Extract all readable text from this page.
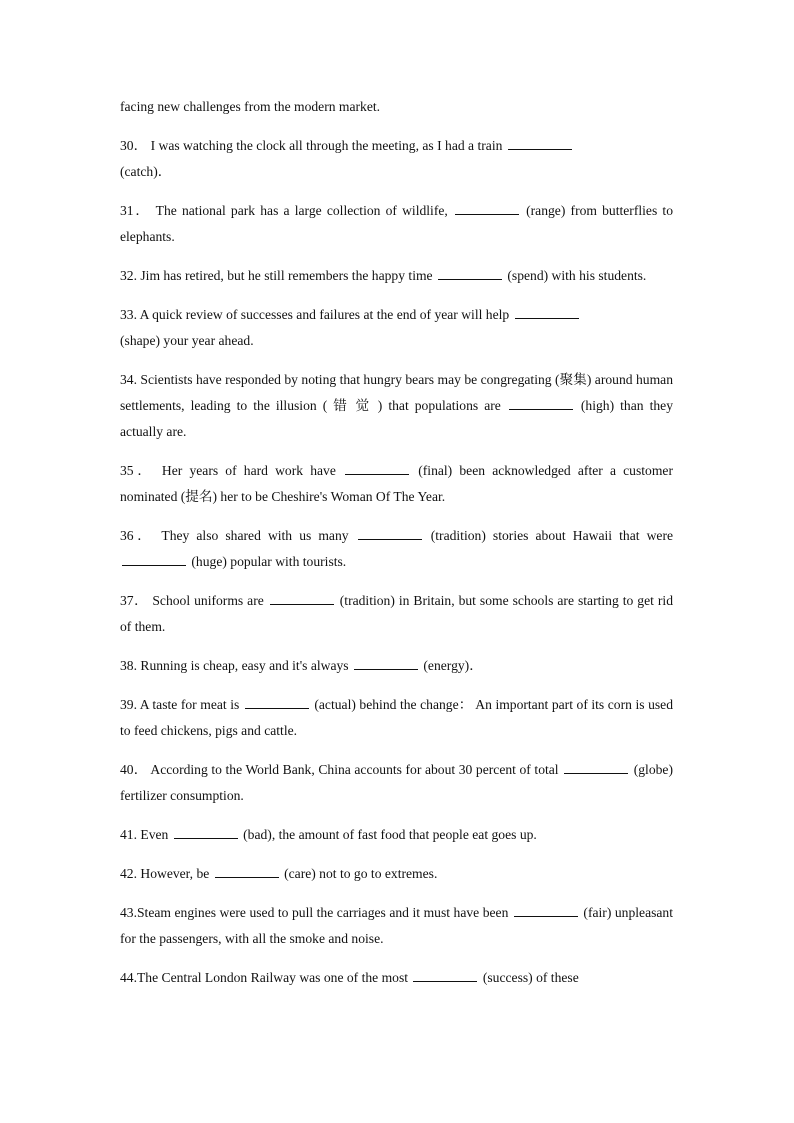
facing new challenges from the modern market.

30． I was watching the clock all through the meeting, as I had a train
(catch)．

31． The national park has a large collection of wildlife,	(range) from butterflies to elephants.

32. Jim has retired, but he still remembers the happy time	(spend) with his students.

33. A quick review of successes and failures at the end of year will help
(shape) your year ahead.

34. Scientists have responded by noting that hungry bears may be congregating (聚集) around human settlements, leading to the illusion ( 错 觉 ) that populations are	(high) than they actually are.

35． Her years of hard work have	(final) been acknowledged after a customer nominated (提名) her to be Cheshire's Woman Of The Year.

36． They also shared with us many	(tradition) stories about Hawaii that were  (huge) popular with tourists.

37． School uniforms are	(tradition) in Britain, but some schools are starting to get rid of them.

38. Running is cheap, easy and it's always	(energy)．

39. A taste for meat is	(actual) behind the change： An important part of its corn is used to feed chickens, pigs and cattle.

40． According to the World Bank, China accounts for about 30 percent of total	(globe) fertilizer consumption.

41. Even	(bad), the amount of fast food that people eat goes up.

42. However, be	(care) not to go to extremes.

43.Steam engines were used to pull the carriages and it must have been	(fair) unpleasant for the passengers, with all the smoke and noise.

44.The Central London Railway was one of the most	(success) of these
